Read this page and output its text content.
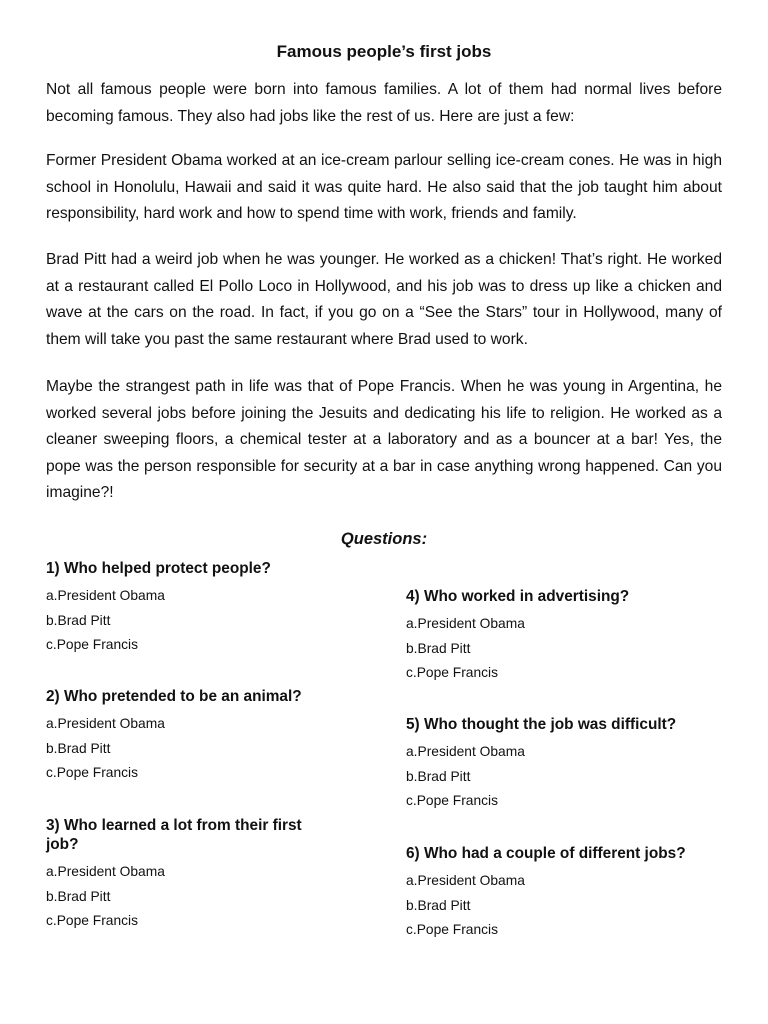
Famous people’s first jobs

Not all famous people were born into famous families. A lot of them had normal lives before becoming famous. They also had jobs like the rest of us. Here are just a few:

Former President Obama worked at an ice-cream parlour selling ice-cream cones. He was in high school in Honolulu, Hawaii and said it was quite hard. He also said that the job taught him about responsibility, hard work and how to spend time with work, friends and family.

Brad Pitt had a weird job when he was younger. He worked as a chicken! That’s right. He worked at a restaurant called El Pollo Loco in Hollywood, and his job was to dress up like a chicken and wave at the cars on the road. In fact, if you go on a “See the Stars” tour in Hollywood, many of them will take you past the same restaurant where Brad used to work.

Maybe the strangest path in life was that of Pope Francis. When he was young in Argentina, he worked several jobs before joining the Jesuits and dedicating his life to religion. He worked as a cleaner sweeping floors, a chemical tester at a laboratory and as a bouncer at a bar! Yes, the pope was the person responsible for security at a bar in case anything wrong happened. Can you imagine?!

Questions:
1) Who helped protect people?
a.President Obama
b.Brad Pitt
c.Pope Francis
2) Who pretended to be an animal?
a.President Obama
b.Brad Pitt
c.Pope Francis
3) Who learned a lot from their first job?
a.President Obama
b.Brad Pitt
c.Pope Francis
4) Who worked in advertising?
a.President Obama
b.Brad Pitt
c.Pope Francis
5) Who thought the job was difficult?
a.President Obama
b.Brad Pitt
c.Pope Francis
6) Who had a couple of different jobs?
a.President Obama
b.Brad Pitt
c.Pope Francis
